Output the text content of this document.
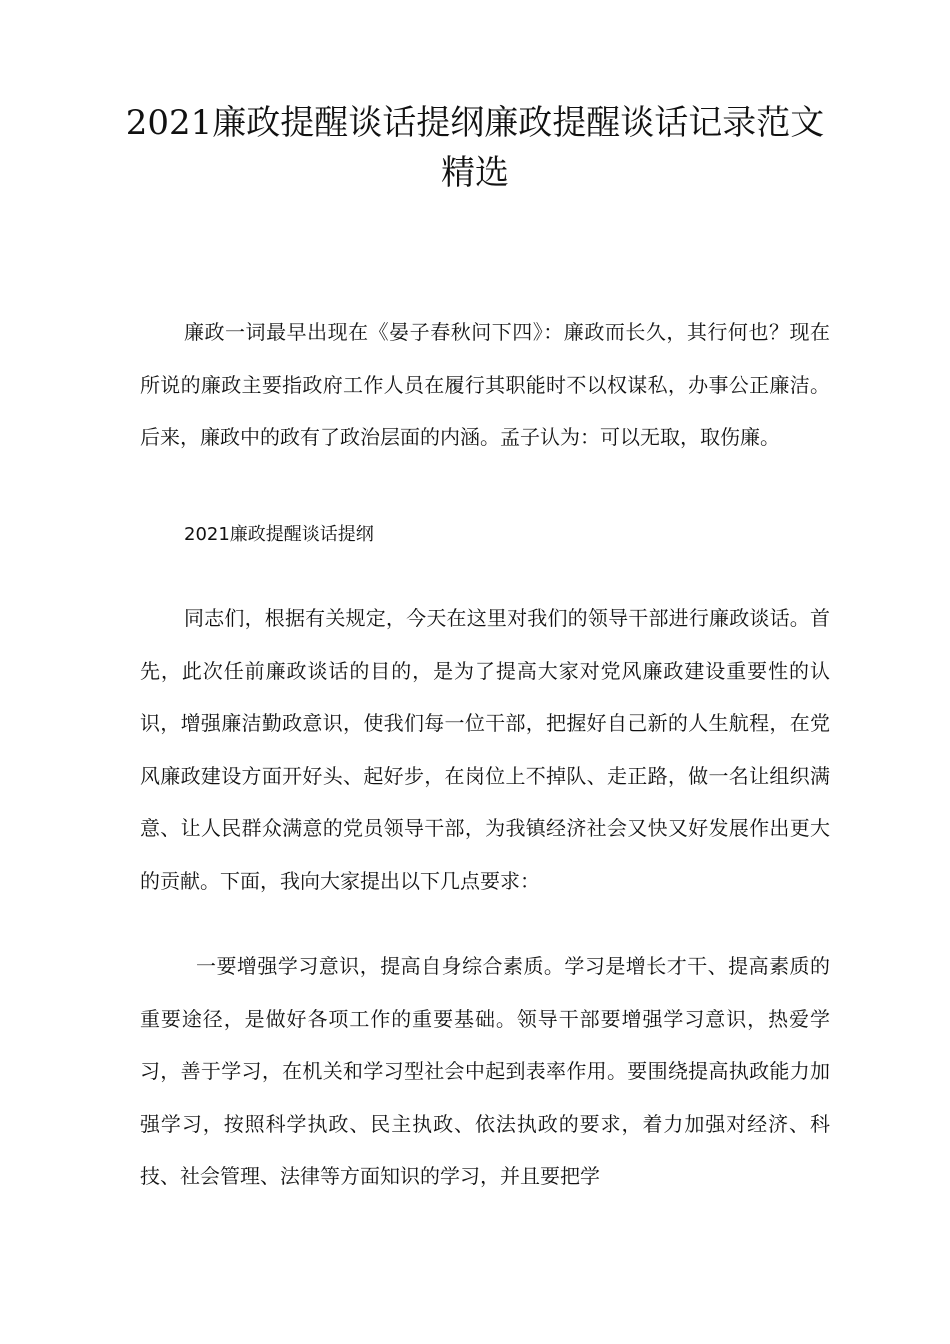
2021廉政提醒谈话提纲廉政提醒谈话记录范文精选

廉政一词最早出现在《晏子春秋问下四》：廉政而长久，其行何也？现在所说的廉政主要指政府工作人员在履行其职能时不以权谋私，办事公正廉洁。后来，廉政中的政有了政治层面的内涵。孟子认为：可以无取，取伤廉。

2021廉政提醒谈话提纲

同志们，根据有关规定，今天在这里对我们的领导干部进行廉政谈话。首先，此次任前廉政谈话的目的，是为了提高大家对党风廉政建设重要性的认识，增强廉洁勤政意识，使我们每一位干部，把握好自己新的人生航程，在党风廉政建设方面开好头、起好步，在岗位上不掉队、走正路，做一名让组织满意、让人民群众满意的党员领导干部，为我镇经济社会又快又好发展作出更大的贡献。下面，我向大家提出以下几点要求：

一要增强学习意识，提高自身综合素质。学习是增长才干、提高素质的重要途径，是做好各项工作的重要基础。领导干部要增强学习意识，热爱学习，善于学习，在机关和学习型社会中起到表率作用。要围绕提高执政能力加强学习，按照科学执政、民主执政、依法执政的要求，着力加强对经济、科技、社会管理、法律等方面知识的学习，并且要把学
